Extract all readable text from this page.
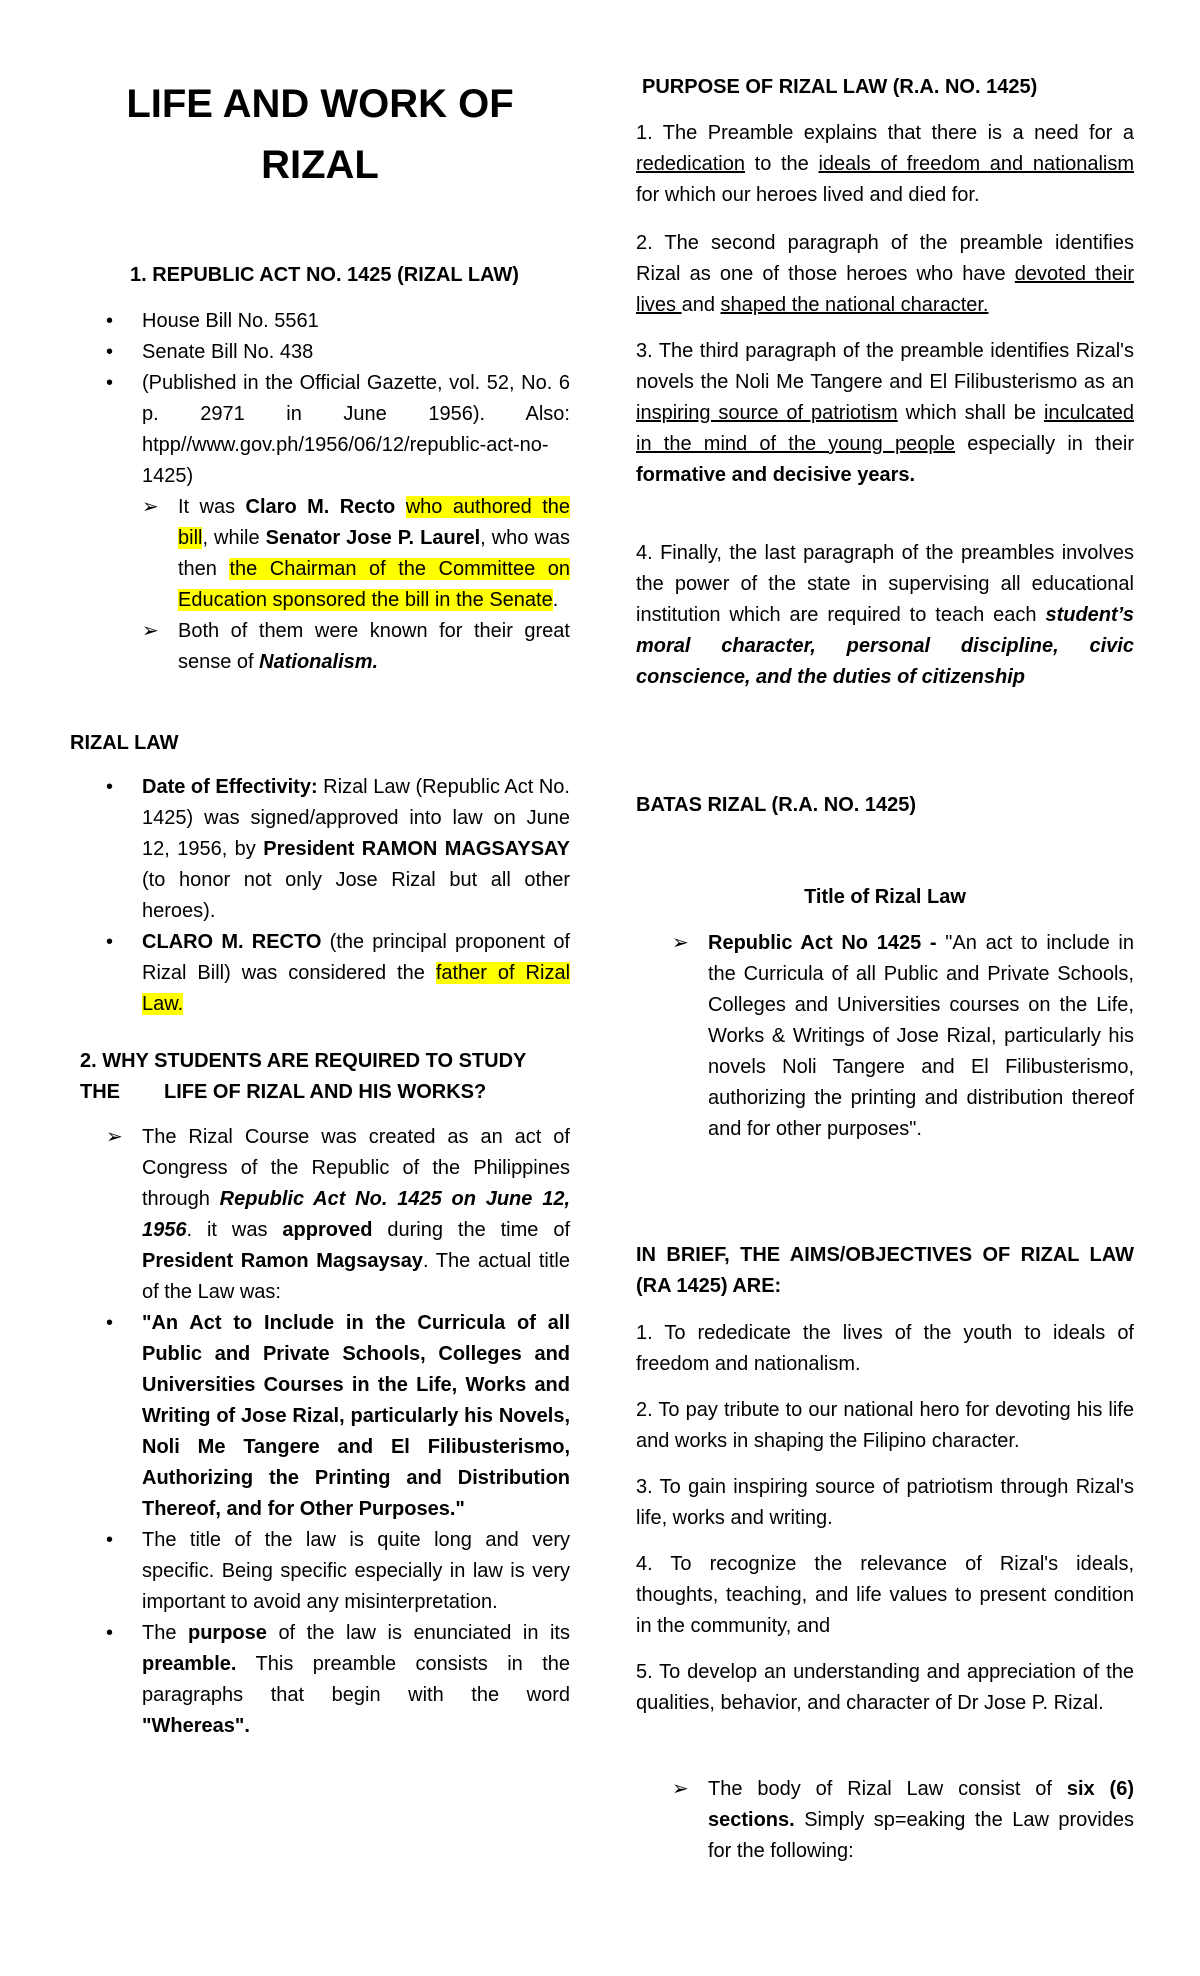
LIFE AND WORK OF RIZAL

1. REPUBLIC ACT NO. 1425 (RIZAL LAW)

• House Bill No. 5561
• Senate Bill No. 438
• (Published in the Official Gazette, vol. 52, No. 6 p. 2971 in June 1956). Also: htpp//www.gov.ph/1956/06/12/republic-act-no-1425)
➢ It was Claro M. Recto who authored the bill, while Senator Jose P. Laurel, who was then the Chairman of the Committee on Education sponsored the bill in the Senate.
➢ Both of them were known for their great sense of Nationalism.

RIZAL LAW

• Date of Effectivity: Rizal Law (Republic Act No. 1425) was signed/approved into law on June 12, 1956, by President RAMON MAGSAYSAY (to honor not only Jose Rizal but all other heroes).
• CLARO M. RECTO (the principal proponent of Rizal Bill) was considered the father of Rizal Law.

2. WHY STUDENTS ARE REQUIRED TO STUDY THE	LIFE OF RIZAL AND HIS WORKS?

➢ The Rizal Course was created as an act of Congress of the Republic of the Philippines through Republic Act No. 1425 on June 12, 1956. it was approved during the time of President Ramon Magsaysay. The actual title of the Law was:
• "An Act to Include in the Curricula of all Public and Private Schools, Colleges and Universities Courses in the Life, Works and Writing of Jose Rizal, particularly his Novels, Noli Me Tangere and El Filibusterismo, Authorizing the Printing and Distribution Thereof, and for Other Purposes."
• The title of the law is quite long and very specific. Being specific especially in law is very important to avoid any misinterpretation.
• The purpose of the law is enunciated in its preamble. This preamble consists in the paragraphs that begin with the word "Whereas".

PURPOSE OF RIZAL LAW (R.A. NO. 1425)

1. The Preamble explains that there is a need for a rededication to the ideals of freedom and nationalism for which our heroes lived and died for.

2. The second paragraph of the preamble identifies Rizal as one of those heroes who have devoted their lives and shaped the national character.

3. The third paragraph of the preamble identifies Rizal's novels the Noli Me Tangere and El Filibusterismo as an inspiring source of patriotism which shall be inculcated in the mind of the young people especially in their formative and decisive years.

4. Finally, the last paragraph of the preambles involves the power of the state in supervising all educational institution which are required to teach each student’s moral character, personal discipline, civic conscience, and the duties of citizenship

BATAS RIZAL (R.A. NO. 1425)

Title of Rizal Law

➢ Republic Act No 1425 - "An act to include in the Curricula of all Public and Private Schools, Colleges and Universities courses on the Life, Works & Writings of Jose Rizal, particularly his novels Noli Tangere and El Filibusterismo, authorizing the printing and distribution thereof and for other purposes".

IN BRIEF, THE AIMS/OBJECTIVES OF RIZAL LAW (RA 1425) ARE:

1. To rededicate the lives of the youth to ideals of freedom and nationalism.

2. To pay tribute to our national hero for devoting his life and works in shaping the Filipino character.

3. To gain inspiring source of patriotism through Rizal's life, works and writing.

4. To recognize the relevance of Rizal's ideals, thoughts, teaching, and life values to present condition in the community, and

5. To develop an understanding and appreciation of the qualities, behavior, and character of Dr Jose P. Rizal.

➢ The body of Rizal Law consist of six (6) sections. Simply sp=eaking the Law provides for the following:
